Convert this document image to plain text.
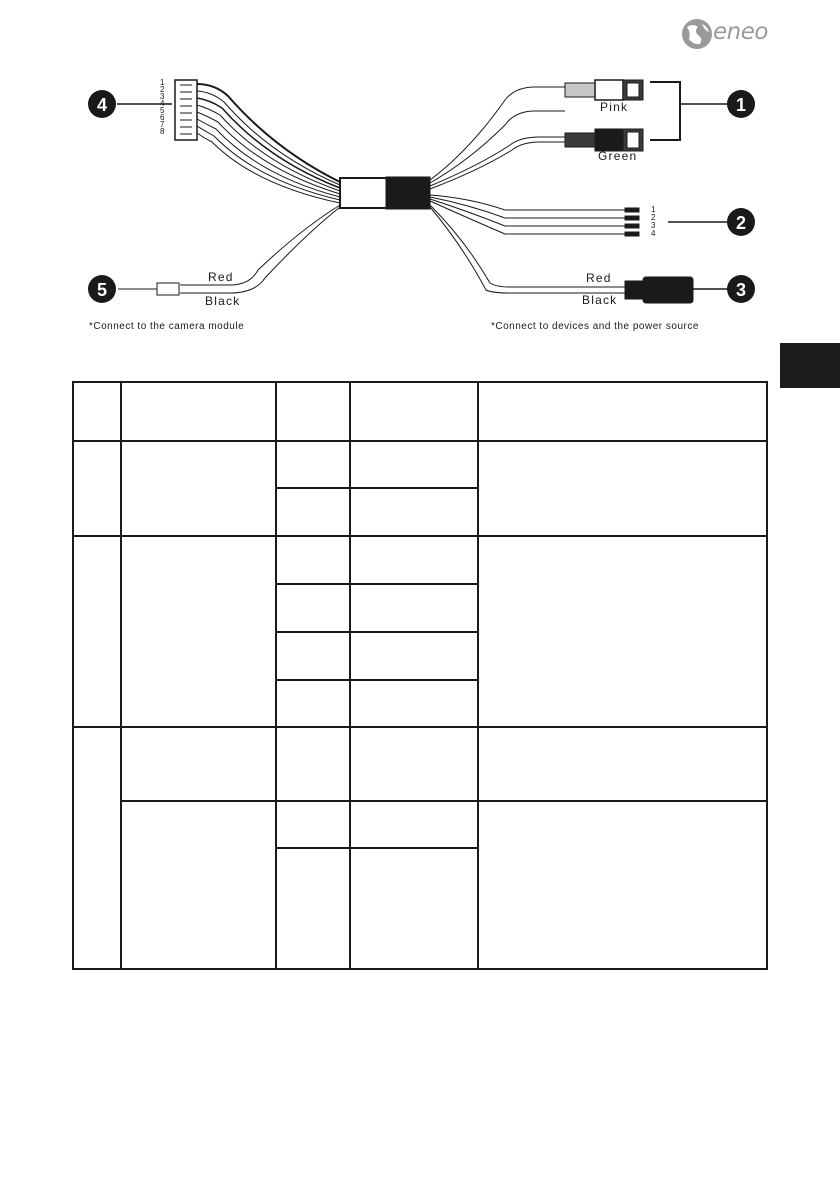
eneo
4
5
1
2
3
1
2
3
4
5
6
7
8
1
2
3
4
Pink
Green
Red
Black
Red
Black
*Connect to the camera module	*Connect to devices and the power source
